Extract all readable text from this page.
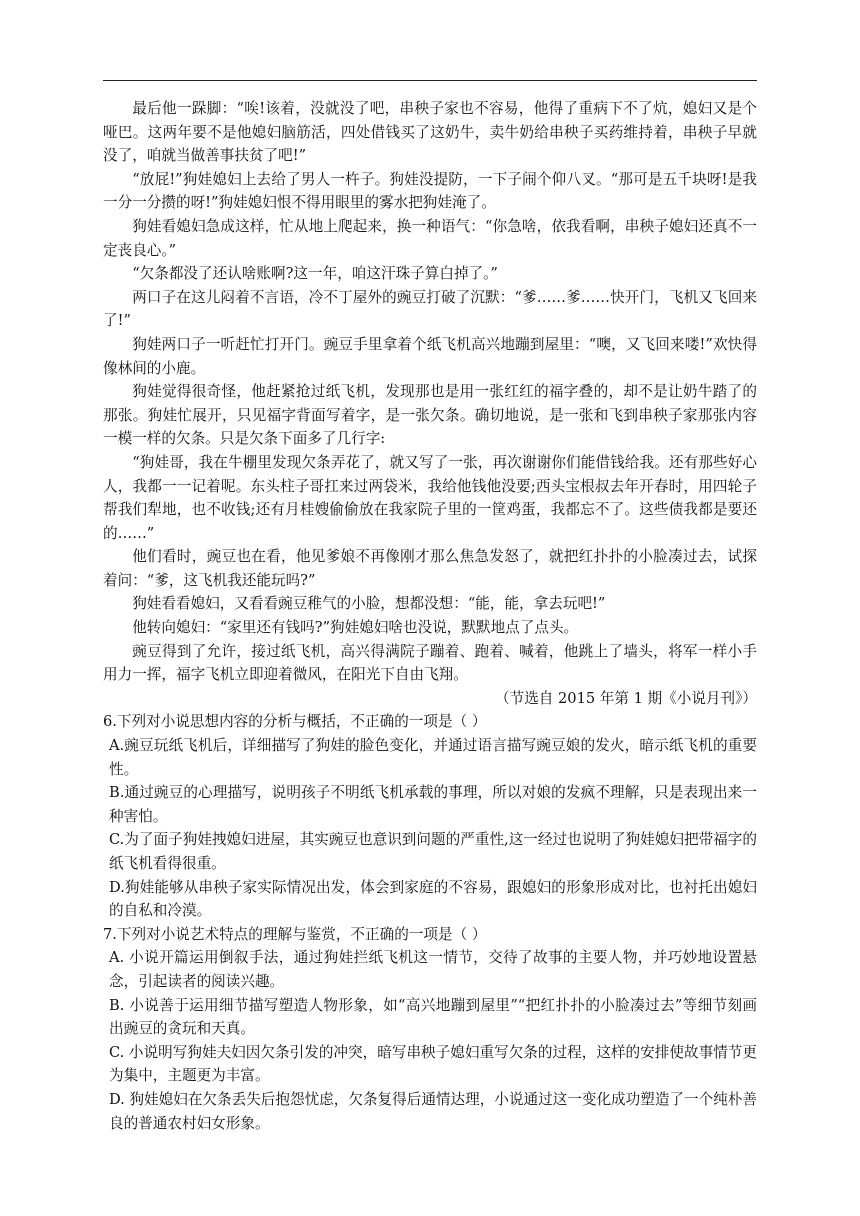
最后他一跺脚：“唉!该着，没就没了吧，串秧子家也不容易，他得了重病下不了炕，媳妇又是个哑巴。这两年要不是他媳妇脑筋活，四处借钱买了这奶牛，卖牛奶给串秧子买药维持着，串秧子早就没了，咱就当做善事扶贫了吧!”

“放屁!”狗娃媳妇上去给了男人一杵子。狗娃没提防，一下子闹个仰八叉。“那可是五千块呀!是我一分一分攒的呀!”狗娃媳妇恨不得用眼里的雾水把狗娃淹了。

狗娃看媳妇急成这样，忙从地上爬起来，换一种语气：“你急啥，依我看啊，串秧子媳妇还真不一定丧良心。”

“欠条都没了还认啥账啊?这一年，咱这汗珠子算白掉了。”

两口子在这儿闷着不言语，冷不丁屋外的豌豆打破了沉默：“爹……爹……快开门，飞机又飞回来了!”

狗娃两口子一听赶忙打开门。豌豆手里拿着个纸飞机高兴地蹦到屋里：“噢，又飞回来喽!”欢快得像林间的小鹿。

狗娃觉得很奇怪，他赶紧抢过纸飞机，发现那也是用一张红红的福字叠的，却不是让奶牛踏了的那张。狗娃忙展开，只见福字背面写着字，是一张欠条。确切地说，是一张和飞到串秧子家那张内容一模一样的欠条。只是欠条下面多了几行字:

“狗娃哥，我在牛棚里发现欠条弄花了，就又写了一张，再次谢谢你们能借钱给我。还有那些好心人，我都一一记着呢。东头柱子哥扛来过两袋米，我给他钱他没要;西头宝根叔去年开春时，用四轮子帮我们犁地，也不收钱;还有月桂嫂偷偷放在我家院子里的一筐鸡蛋，我都忘不了。这些债我都是要还的……”

他们看时，豌豆也在看，他见爹娘不再像刚才那么焦急发怒了，就把红扑扑的小脸凑过去，试探着问：“爹，这飞机我还能玩吗?”

狗娃看看媳妇，又看看豌豆稚气的小脸，想都没想：“能，能，拿去玩吧!”

他转向媳妇：“家里还有钱吗?”狗娃媳妇啥也没说，默默地点了点头。

豌豆得到了允许，接过纸飞机，高兴得满院子蹦着、跑着、喊着，他跳上了墙头，将军一样小手用力一挥，福字飞机立即迎着微风，在阳光下自由飞翔。

（节选自 2015 年第 1 期《小说月刊》）

6.下列对小说思想内容的分析与概括，不正确的一项是（ ）

A.豌豆玩纸飞机后，详细描写了狗娃的脸色变化，并通过语言描写豌豆娘的发火，暗示纸飞机的重要性。

B.通过豌豆的心理描写，说明孩子不明纸飞机承载的事理，所以对娘的发疯不理解，只是表现出来一种害怕。

C.为了面子狗娃拽媳妇进屋，其实豌豆也意识到问题的严重性,这一经过也说明了狗娃媳妇把带福字的纸飞机看得很重。

D.狗娃能够从串秧子家实际情况出发，体会到家庭的不容易，跟媳妇的形象形成对比，也衬托出媳妇的自私和冷漠。

7.下列对小说艺术特点的理解与鉴赏，不正确的一项是（ ）

A. 小说开篇运用倒叙手法，通过狗娃拦纸飞机这一情节，交待了故事的主要人物，并巧妙地设置悬念，引起读者的阅读兴趣。

B. 小说善于运用细节描写塑造人物形象，如“高兴地蹦到屋里”“把红扑扑的小脸凑过去”等细节刻画出豌豆的贪玩和天真。

C. 小说明写狗娃夫妇因欠条引发的冲突，暗写串秧子媳妇重写欠条的过程，这样的安排使故事情节更为集中，主题更为丰富。

D. 狗娃媳妇在欠条丢失后抱怨忧虑，欠条复得后通情达理，小说通过这一变化成功塑造了一个纯朴善良的普通农村妇女形象。
